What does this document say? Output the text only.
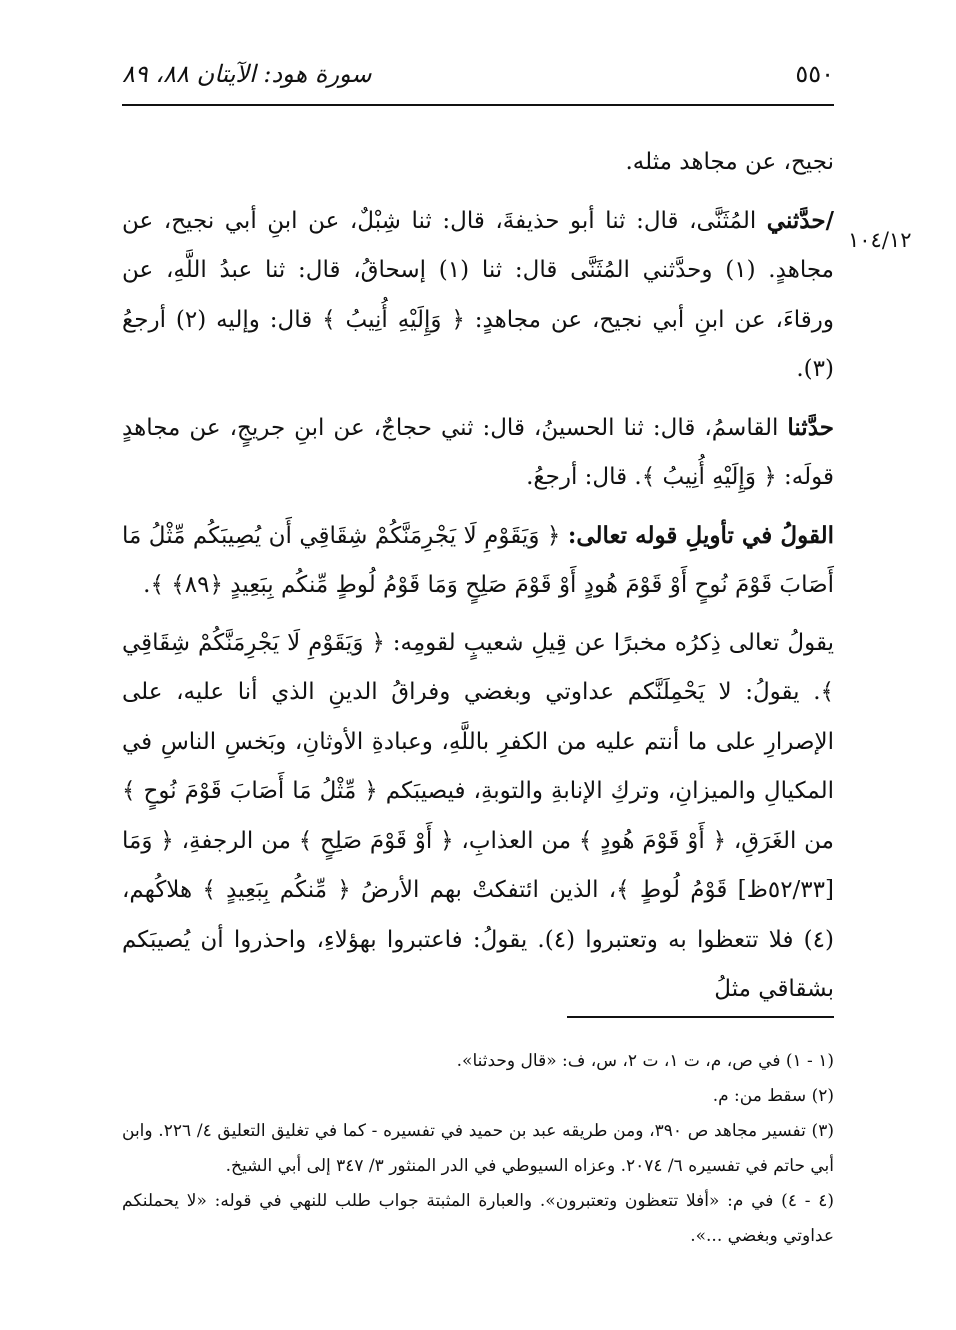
٥٥٠
سورة هود: الآيتان ٨٨، ٨٩
١٠٤/١٢

نجيح، عن مجاهد مثله.

/حدَّثني المُثَنَّى، قال: ثنا أبو حذيفةَ، قال: ثنا شِبْلٌ، عن ابنِ أبي نجيح، عن مجاهدٍ. (١) وحدَّثني المُثَنَّى قال: ثنا (١) إسحاقُ، قال: ثنا عبدُ اللَّهِ، عن ورقاءَ، عن ابنِ أبي نجيح، عن مجاهدٍ: ﴿ وَإِلَيْهِ أُنِيبُ ﴾ قال: وإليه (٢) أرجعُ (٣).

حدَّثنا القاسمُ، قال: ثنا الحسينُ، قال: ثني حجاجٌ، عن ابنِ جريجٍ، عن مجاهدٍ قولَه: ﴿ وَإِلَيْهِ أُنِيبُ ﴾. قال: أرجعُ.

القولُ في تأويلِ قوله تعالى: ﴿ وَيَقَوْمِ لَا يَجْرِمَنَّكُمْ شِقَاقِي أَن يُصِيبَكُم مِّثْلُ مَا أَصَابَ قَوْمَ نُوحٍ أَوْ قَوْمَ هُودٍ أَوْ قَوْمَ صَلِحٍ وَمَا قَوْمُ لُوطٍ مِّنكُم بِبَعِيدٍ ﴿٨٩﴾ ﴾.

يقولُ تعالى ذِكرُه مخبرًا عن قِيلِ شعيبٍ لقومِه: ﴿ وَيَقَوْمِ لَا يَجْرِمَنَّكُمْ شِقَاقِي ﴾. يقولُ: لا يَحْمِلَنَّكم عداوتي وبغضي وفراقُ الدينِ الذي أنا عليه، على الإصرارِ على ما أنتم عليه من الكفرِ باللَّهِ، وعبادةِ الأوثانِ، وبَخسِ الناسِ في المكيالِ والميزانِ، وتركِ الإنابةِ والتوبةِ، فيصيبَكم ﴿ مِّثْلُ مَا أَصَابَ قَوْمَ نُوحٍ ﴾ من الغَرَقِ، ﴿ أَوْ قَوْمَ هُودٍ ﴾ من العذابِ، ﴿ أَوْ قَوْمَ صَلِحٍ ﴾ من الرجفةِ، ﴿ وَمَا [٥٢/٣٣ظ] قَوْمُ لُوطٍ ﴾، الذين ائتفكتْ بهم الأرضُ ﴿ مِّنكُم بِبَعِيدٍ ﴾ هلاكُهم، (٤) فلا تتعظوا به وتعتبروا (٤). يقولُ: فاعتبروا بهؤلاءِ، واحذروا أن يُصيبَكم بشقاقي مثلُ

(١ - ١) في ص، م، ت ١، ت ٢، س، ف: «قال وحدثنا».

(٢) سقط من: م.

(٣) تفسير مجاهد ص ٣٩٠، ومن طريقه عبد بن حميد في تفسيره - كما في تغليق التعليق ٤/ ٢٢٦. وابن أبي حاتم في تفسيره ٦/ ٢٠٧٤. وعزاه السيوطي في الدر المنثور ٣/ ٣٤٧ إلى أبي الشيخ.

(٤ - ٤) في م: «أفلا تتعظون وتعتبرون». والعبارة المثبتة جواب طلب للنهي في قوله: «لا يحملنكم عداوتي وبغضي ...».
